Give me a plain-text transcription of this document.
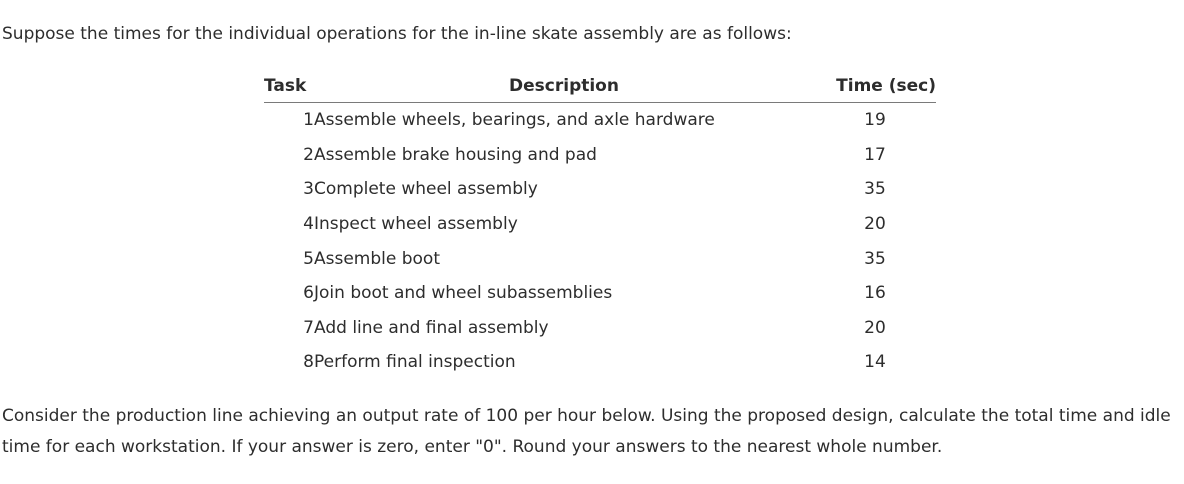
Suppose the times for the individual operations for the in-line skate assembly are as follows:

Task	Description	Time (sec)
1	Assemble wheels, bearings, and axle hardware	19
2	Assemble brake housing and pad	17
3	Complete wheel assembly	35
4	Inspect wheel assembly	20
5	Assemble boot	35
6	Join boot and wheel subassemblies	16
7	Add line and final assembly	20
8	Perform final inspection	14

Consider the production line achieving an output rate of 100 per hour below. Using the proposed design, calculate the total time and idle time for each workstation. If your answer is zero, enter "0". Round your answers to the nearest whole number.
